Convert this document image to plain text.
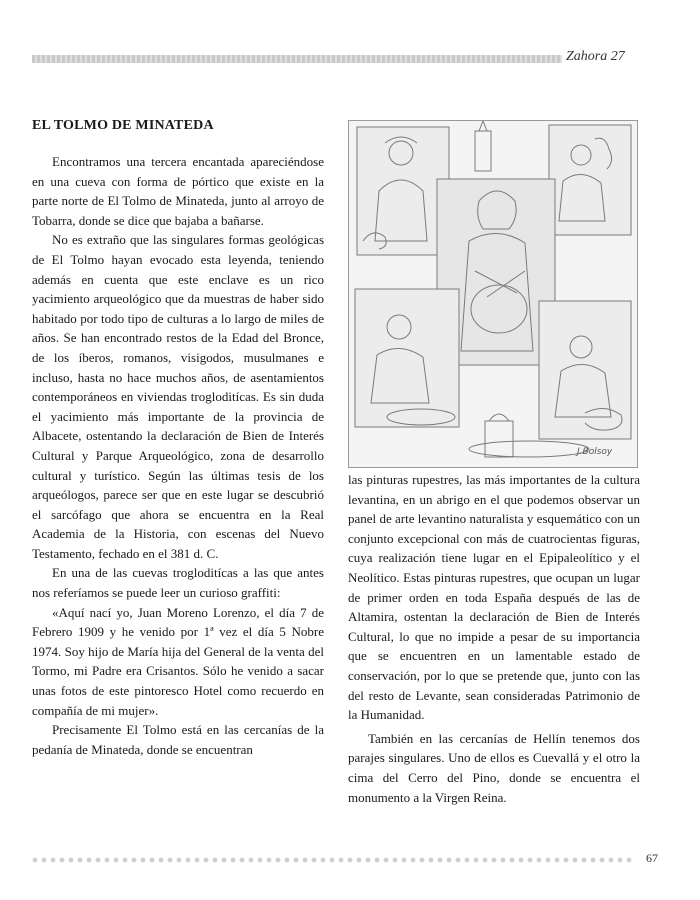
Zahora 27
EL TOLMO DE MINATEDA

Encontramos una tercera encantada apareciéndose en una cueva con forma de pórtico que existe en la parte norte de El Tolmo de Minateda, junto al arroyo de Tobarra, donde se dice que bajaba a bañarse.

No es extraño que las singulares formas geológicas de El Tolmo hayan evocado esta leyenda, teniendo además en cuenta que este enclave es un rico yacimiento arqueológico que da muestras de haber sido habitado por todo tipo de culturas a lo largo de miles de años. Se han encontrado restos de la Edad del Bronce, de los íberos, romanos, visigodos, musulmanes e incluso, hasta no hace muchos años, de asentamientos contemporáneos en viviendas trogloditícas. Es sin duda el yacimiento más importante de la provincia de Albacete, ostentando la declaración de Bien de Interés Cultural y Parque Arqueológico, zona de desarrollo cultural y turístico. Según las últimas tesis de los arqueólogos, parece ser que en este lugar se descubrió el sarcófago que ahora se encuentra en la Real Academia de la Historia, con escenas del Nuevo Testamento, fechado en el 381 d. C.

En una de las cuevas trogloditícas a las que antes nos referíamos se puede leer un curioso graffiti:

«Aquí nací yo, Juan Moreno Lorenzo, el día 7 de Febrero 1909 y he venido por 1ª vez el día 5 Nobre 1974. Soy hijo de María hija del General de la venta del Tormo, mi Padre era Crisantos. Sólo he venido a sacar unas fotos de este pintoresco Hotel como recuerdo en compañía de mi mujer».

Precisamente El Tolmo está en las cercanías de la pedanía de Minateda, donde se encuentran

J.Bolsoy

las pinturas rupestres, las más importantes de la cultura levantina, en un abrigo en el que podemos observar un panel de arte levantino naturalista y esquemático con un conjunto excepcional con más de cuatrocientas figuras, cuya realización tiene lugar en el Epipaleolítico y el Neolítico. Estas pinturas rupestres, que ocupan un lugar de primer orden en toda España después de las de Altamira, ostentan la declaración de Bien de Interés Cultural, lo que no impide a pesar de su importancia que se encuentren en un lamentable estado de conservación, por lo que se pretende que, junto con las del resto de Levante, sean consideradas Patrimonio de la Humanidad.

También en las cercanías de Hellín tenemos dos parajes singulares. Uno de ellos es Cuevallá y el otro la cima del Cerro del Pino, donde se encuentra el monumento a la Virgen Reina.

67
